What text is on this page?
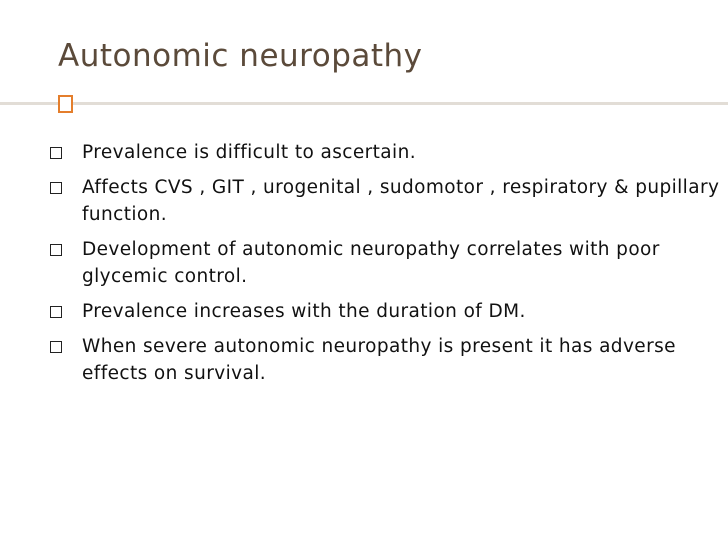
Autonomic neuropathy
Prevalence is difficult to ascertain.
Affects CVS , GIT , urogenital , sudomotor , respiratory & pupillary function.
Development of autonomic neuropathy correlates with poor glycemic control.
Prevalence increases with the duration of DM.
When severe autonomic neuropathy is present it has adverse effects on survival.
